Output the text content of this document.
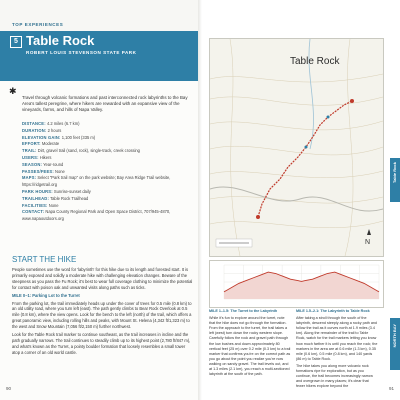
TOP EXPERIENCES
5 Table Rock
ROBERT LOUIS STEVENSON STATE PARK
✱
Travel through volcanic formations and past interconnected rock labyrinths to the Bay Area's tallest peregrine, where hikers are rewarded with an expansive view of the vineyards, farms, and hills of Napa Valley.
DISTANCE: 4.2 miles (6.7 km)
DURATION: 2 hours
ELEVATION GAIN: 1,100 feet (335 m)
EFFORT: Moderate
TRAIL: Dirt, gravel trail (sand, rock), single-track, creek crossing
USERS: Hikers
SEASON: Year-round
PASSES/FEES: None
MAPS: Select "Park trail map" on the park website; Bay Area Ridge Trail website, https://ridgetrail.org
PARK HOURS: Sunrise-sunset daily
TRAILHEAD: Table Rock Trailhead
FACILITIES: None
CONTACT: Napa County Regional Park and Open Space District, 707/945-4870, www.napaoutdoors.org
START THE HIKE

People sometimes use the word for 'labyrinth' for this hike due to its length and forested start. It is primarily exposed and solidly a moderate hike with challenging elevation changes. Beware of the steepness as you pass the Fu Rock; it's best to wear full coverage clothing to minimize the potential for contact with poison oak and unwanted visits along paths such as ticks.

MILE 0–1: Parking Lot to the Turret

From the parking lot, the trail immediately heads up under the cover of trees for 0.5 mile (0.8 km) to an old utility road, where you turn left (east). The path gently climbs to Bear Rock Overlook at 0.5 mile (0.8 km), where the view opens. Look for the bench to the left (north) of the trail, which offers a great panoramic view, including rolling hills and peaks, with Mount St. Helena (4,342 ft/1,323 m) to the west and Snow Mountain (7,056 ft/2,150 m) further northwest.

Look for the Table Rock trail marker to continue southeast, as the trail increases in incline and the path gradually narrows. The trail continues to steadily climb up to its highest point (2,780 ft/847 m), and what's known as the Turret, a pointy boulder formation that loosely resembles a small tower atop a corner of an old world castle.

90
N
Table Rock

MILE 1–1.5: The Turret to the Labyrinth

While it's fun to explore around the turret, note that the hike does not go through the formation. From the approach to the turret, the trail takes a left (west) turn down the rocky western slope. Carefully follow the rock and gravel path through the low bushes and down approximately 80 vertical feet (25 m) over 0.2 mile (0.3 km) to a trail marker that confirms you're on the correct path as you go about the point you realize you're now walking on sandy gravel. The trail levels out, and at 1.3 miles (2.1 km), you reach a multi-sectioned labyrinth at the south of the path.

MILE 1.5–2.1: The Labyrinth to Table Rock

After taking a stroll through the south of the labyrinth, descend steeply along a rocky path and follow the trail as it curves north at 1.9 miles (3.4 km). Along the remainder of the trail to Table Rock, watch for the trail markers letting you know how much farther it is until you reach the rock; the markers in the area are at 0.6 mile (1.3 km), 0.35 mile (0.6 km), 0.5 mile (0.8 km), and 140 yards (86 m) to Table Rock.

The hike takes you along more volcanic rock formations ripe for exploration, but as you continue, the trail becomes increasingly narrow and overgrown in many places; it's clear that fewer hikers explore beyond the

Table Rock
NORTH BAY
91
